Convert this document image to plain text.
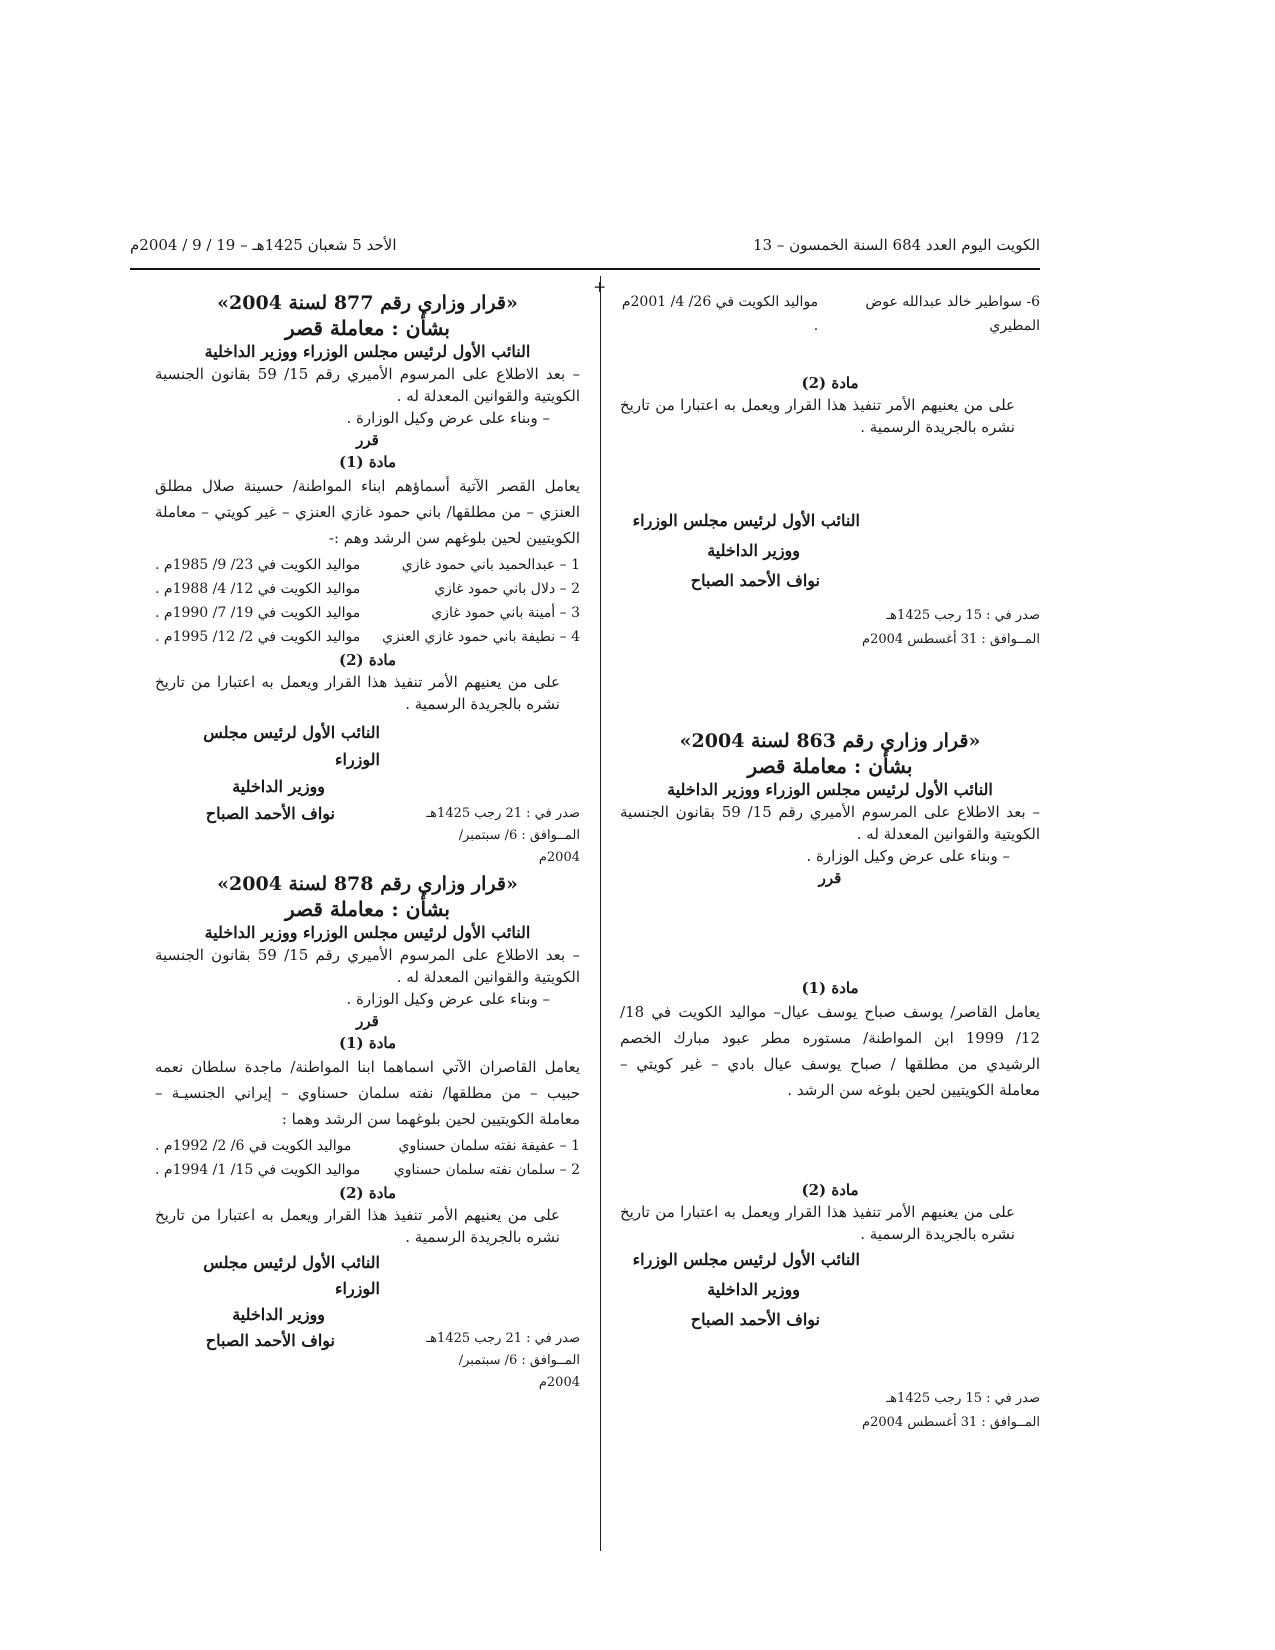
الكويت اليوم العدد 684 السنة الخمسون – 13
الأحد 5 شعبان 1425هـ – 19 / 9 / 2004م
+
6- سواطير خالد عبدالله عوض المطيري
مواليد الكويت في 26/ 4/ 2001م .

مادة (2)

على من يعنيهم الأمر تنفيذ هذا القرار ويعمل به اعتبارا من تاريخ نشره بالجريدة الرسمية .

النائب الأول لرئيس مجلس الوزراء
ووزير الداخلية
نواف الأحمد الصباح
صدر في : 15 رجب 1425هـ
المــوافق : 31 أغسطس 2004م

«قرار وزاري رقم 863 لسنة 2004»

بشأن : معاملة قصر

النائب الأول لرئيس مجلس الوزراء ووزير الداخلية

– بعد الاطلاع على المرسوم الأميري رقم 15/ 59 بقانون الجنسية الكويتية والقوانين المعدلة له .

– وبناء على عرض وكيل الوزارة .

قرر

مادة (1)

يعامل القاصر/ يوسف صباح يوسف عيال– مواليد الكويت في 18/ 12/ 1999 ابن المواطنة/ مستوره مطر عبود مبارك الخصم الرشيدي من مطلقها / صباح يوسف عيال بادي – غير كويتي – معاملة الكويتيين لحين بلوغه سن الرشد .

مادة (2)

على من يعنيهم الأمر تنفيذ هذا القرار ويعمل به اعتبارا من تاريخ نشره بالجريدة الرسمية .

النائب الأول لرئيس مجلس الوزراء
ووزير الداخلية
نواف الأحمد الصباح
صدر في : 15 رجب 1425هـ
المــوافق : 31 أغسطس 2004م

«قرار وزاري رقم 877 لسنة 2004»

بشأن : معاملة قصر

النائب الأول لرئيس مجلس الوزراء ووزير الداخلية

– بعد الاطلاع على المرسوم الأميري رقم 15/ 59 بقانون الجنسية الكويتية والقوانين المعدلة له .

– وبناء على عرض وكيل الوزارة .

قرر

مادة (1)

يعامل القصر الآتية أسماؤهم ابناء المواطنة/ حسينة صلال مطلق العنزي – من مطلقها/ باني حمود غازي العنزي – غير كويتي – معاملة الكويتيين لحين بلوغهم سن الرشد وهم :-

1 – عبدالحميد باني حمود غازي
مواليد الكويت في 23/ 9/ 1985م .
2 – دلال باني حمود غازي
مواليد الكويت في 12/ 4/ 1988م .
3 – أمينة باني حمود غازي
مواليد الكويت في 19/ 7/ 1990م .
4 – نطيفة باني حمود غازي العنزي
مواليد الكويت في 2/ 12/ 1995م .

مادة (2)

على من يعنيهم الأمر تنفيذ هذا القرار ويعمل به اعتبارا من تاريخ نشره بالجريدة الرسمية .

النائب الأول لرئيس مجلس الوزراء
ووزير الداخلية
نواف الأحمد الصباح	صدر في : 21 رجب 1425هـ
المــوافق : 6/ سبتمبر/ 2004م

«قرار وزاري رقم 878 لسنة 2004»

بشأن : معاملة قصر

النائب الأول لرئيس مجلس الوزراء ووزير الداخلية

– بعد الاطلاع على المرسوم الأميري رقم 15/ 59 بقانون الجنسية الكويتية والقوانين المعدلة له .

– وبناء على عرض وكيل الوزارة .

قرر

مادة (1)

يعامل القاصران الآتي اسماهما ابنا المواطنة/ ماجدة سلطان نعمه حبيب – من مطلقها/ نفته سلمان حسناوي – إيراني الجنسيـة – معاملة الكويتيين لحين بلوغهما سن الرشد وهما :

1 – عفيفة نفته سلمان حسناوي
مواليد الكويت في 6/ 2/ 1992م .
2 – سلمان نفته سلمان حسناوي
مواليد الكويت في 15/ 1/ 1994م .

مادة (2)

على من يعنيهم الأمر تنفيذ هذا القرار ويعمل به اعتبارا من تاريخ نشره بالجريدة الرسمية .

النائب الأول لرئيس مجلس الوزراء
ووزير الداخلية
نواف الأحمد الصباح	صدر في : 21 رجب 1425هـ
المــوافق : 6/ سبتمبر/ 2004م
